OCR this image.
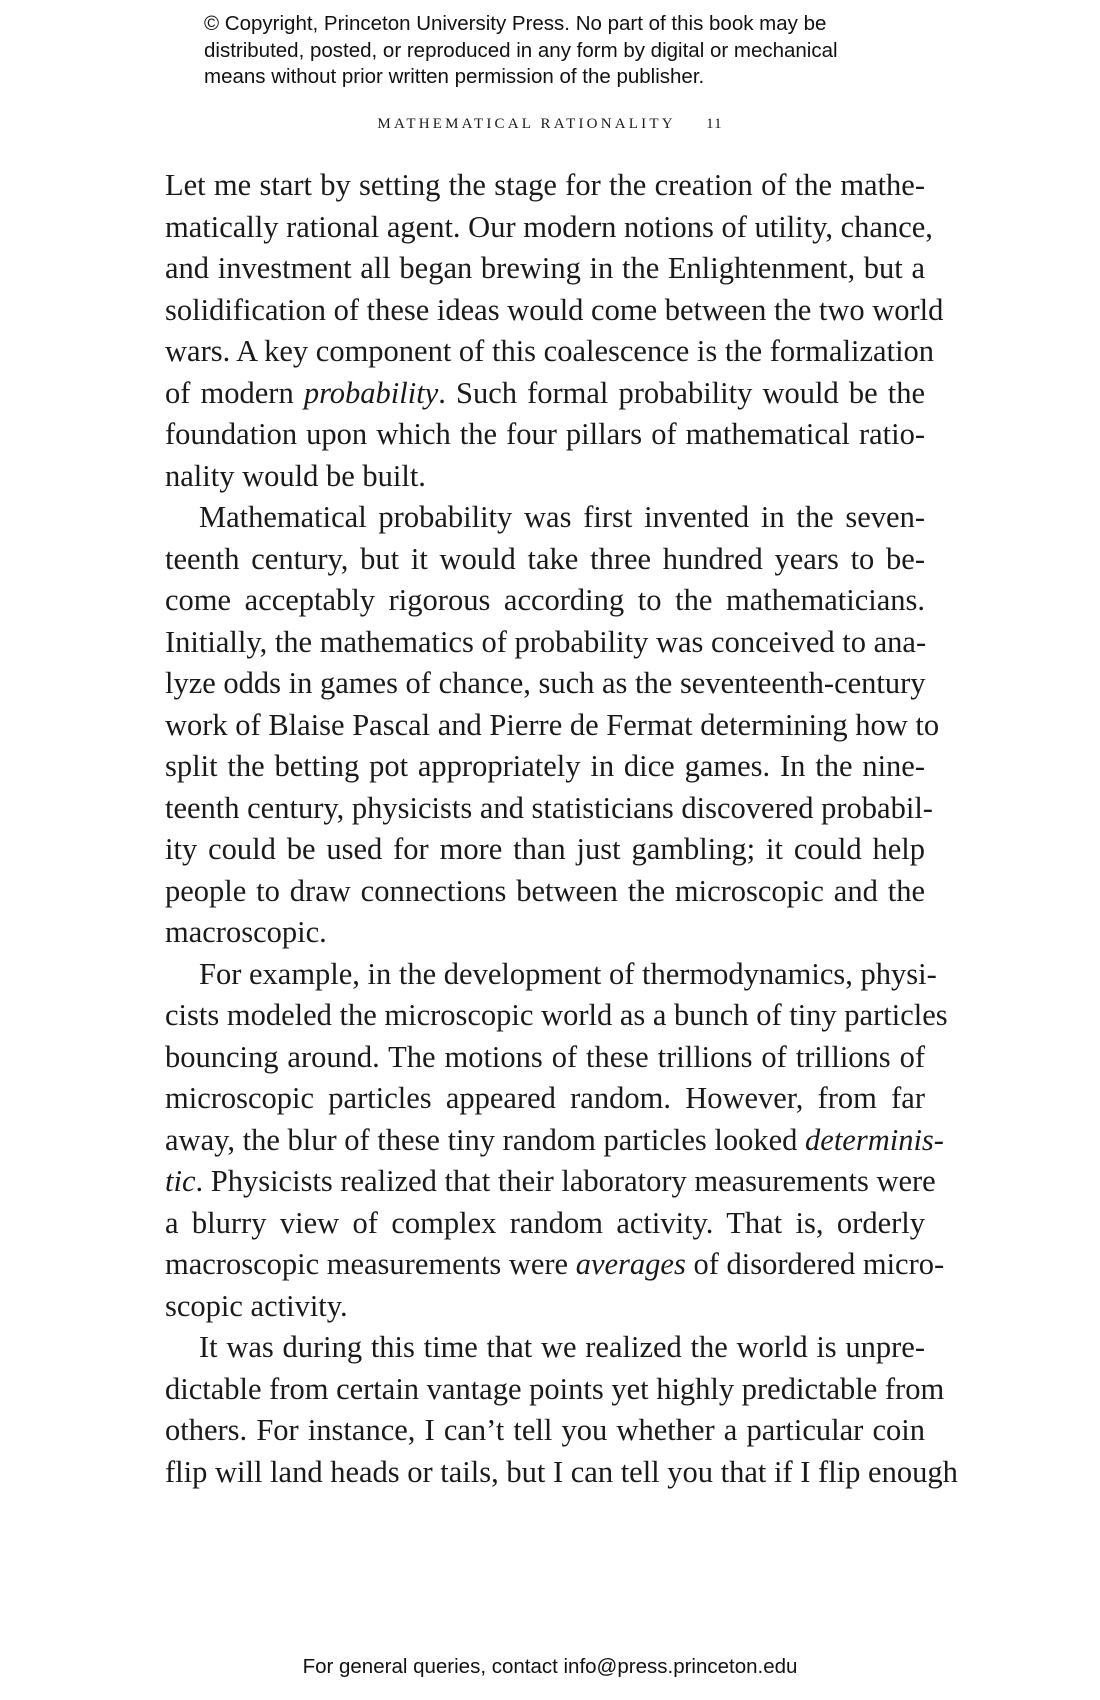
© Copyright, Princeton University Press. No part of this book may be
distributed, posted, or reproduced in any form by digital or mechanical
means without prior written permission of the publisher.
MATHEMATICAL RATIONALITY 11
Let me start by setting the stage for the creation of the mathe-
matically rational agent. Our modern notions of utility, chance,
and investment all began brewing in the Enlightenment, but a
solidification of these ideas would come between the two world
wars. A key component of this coalescence is the formalization
of modern probability. Such formal probability would be the
foundation upon which the four pillars of mathematical ratio-
nality would be built.
Mathematical probability was first invented in the seven-
teenth century, but it would take three hundred years to be-
come acceptably rigorous according to the mathematicians.
Initially, the mathematics of probability was conceived to ana-
lyze odds in games of chance, such as the seventeenth-century
work of Blaise Pascal and Pierre de Fermat determining how to
split the betting pot appropriately in dice games. In the nine-
teenth century, physicists and statisticians discovered probabil-
ity could be used for more than just gambling; it could help
people to draw connections between the microscopic and the
macroscopic.
For example, in the development of thermodynamics, physi-
cists modeled the microscopic world as a bunch of tiny particles
bouncing around. The motions of these trillions of trillions of
microscopic particles appeared random. However, from far
away, the blur of these tiny random particles looked determinis-
tic. Physicists realized that their laboratory measurements were
a blurry view of complex random activity. That is, orderly
macroscopic measurements were averages of disordered micro-
scopic activity.
It was during this time that we realized the world is unpre-
dictable from certain vantage points yet highly predictable from
others. For instance, I can’t tell you whether a particular coin
flip will land heads or tails, but I can tell you that if I flip enough
For general queries, contact info@press.princeton.edu
